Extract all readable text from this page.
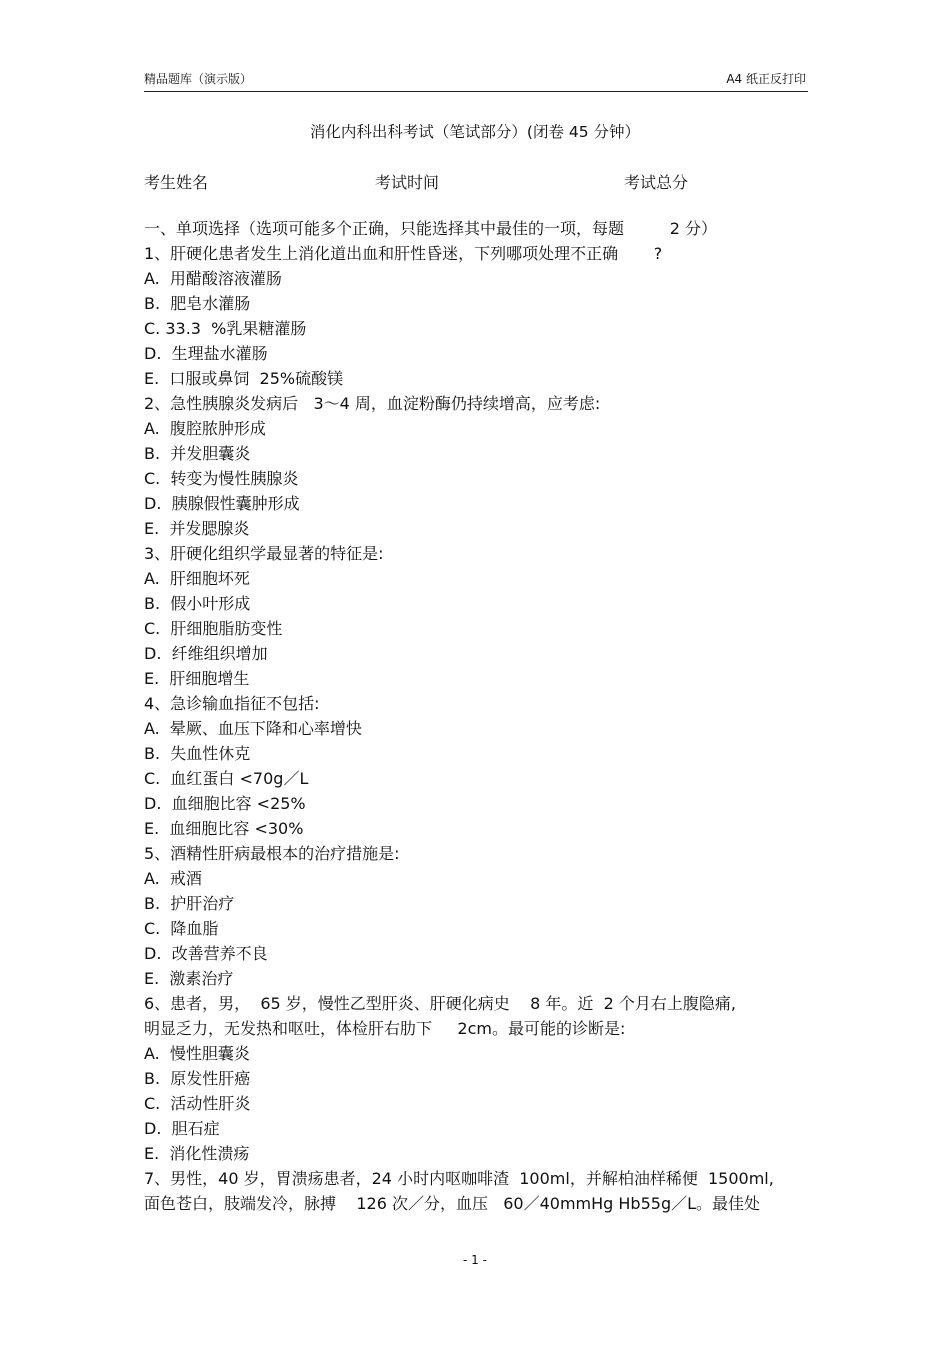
精品题库（演示版）	A4 纸正反打印
消化内科出科考试（笔试部分）(闭卷 45 分钟）
考生姓名	考试时间	考试总分
一、单项选择（选项可能多个正确，只能选择其中最佳的一项，每题         2 分）
1、肝硬化患者发生上消化道出血和肝性昏迷，下列哪项处理不正确       ?
A.  用醋酸溶液灌肠
B.  肥皂水灌肠
C. 33.3  %乳果糖灌肠
D.  生理盐水灌肠
E.  口服或鼻饲  25%硫酸镁
2、急性胰腺炎发病后   3～4 周，血淀粉酶仍持续增高，应考虑:
A.  腹腔脓肿形成
B.  并发胆囊炎
C.  转变为慢性胰腺炎
D.  胰腺假性囊肿形成
E.  并发腮腺炎
3、肝硬化组织学最显著的特征是:
A.  肝细胞坏死
B.  假小叶形成
C.  肝细胞脂肪变性
D.  纤维组织增加
E.  肝细胞增生
4、急诊输血指征不包括:
A.  晕厥、血压下降和心率增快
B.  失血性休克
C.  血红蛋白 <70g／L
D.  血细胞比容 <25%
E.  血细胞比容 <30%
5、酒精性肝病最根本的治疗措施是:
A.  戒酒
B.  护肝治疗
C.  降血脂
D.  改善营养不良
E.  激素治疗
6、患者，男，  65 岁，慢性乙型肝炎、肝硬化病史    8 年。近  2 个月右上腹隐痛,
明显乏力，无发热和呕吐，体检肝右肋下     2cm。最可能的诊断是:
A.  慢性胆囊炎
B.  原发性肝癌
C.  活动性肝炎
D.  胆石症
E.  消化性溃疡
7、男性，40 岁，胃溃疡患者，24 小时内呕咖啡渣  100ml，并解柏油样稀便  1500ml,
面色苍白，肢端发冷，脉搏    126 次／分，血压   60／40mmHg Hb55g／L。最佳处
- 1 -
